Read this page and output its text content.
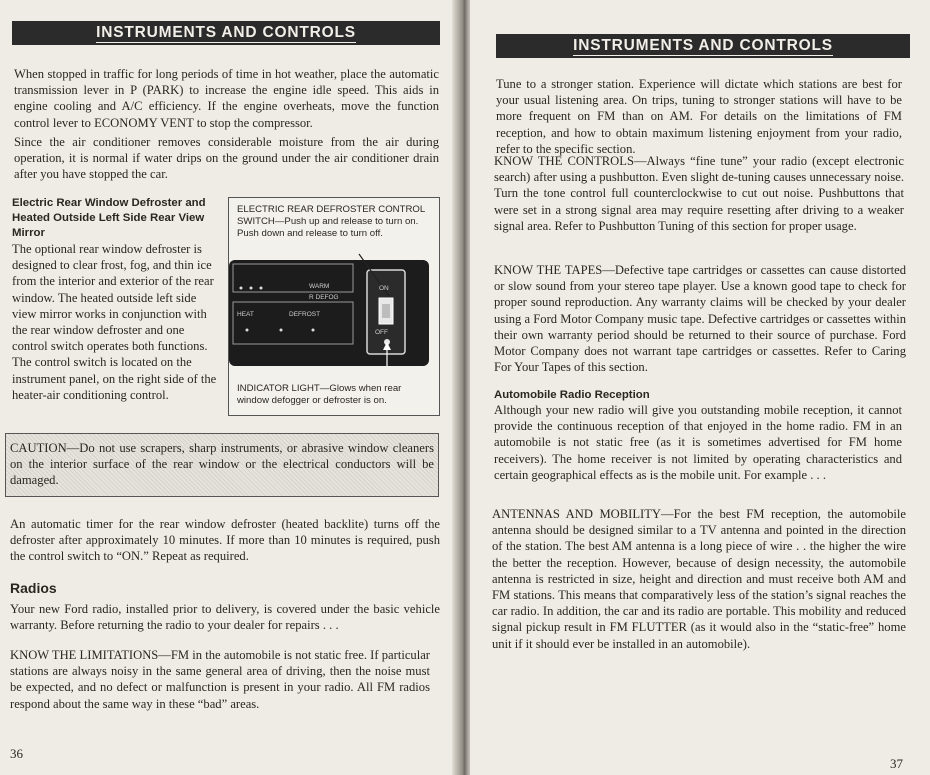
INSTRUMENTS AND CONTROLS

When stopped in traffic for long periods of time in hot weather, place the automatic transmission lever in P (PARK) to increase the engine idle speed. This aids in engine cooling and A/C efficiency. If the engine overheats, move the function control lever to ECONOMY VENT to stop the compressor.

Since the air conditioner removes considerable moisture from the air during operation, it is normal if water drips on the ground under the air conditioner drain after you have stopped the car.

Electric Rear Window Defroster and Heated Outside Left Side Rear View Mirror

The optional rear window defroster is designed to clear frost, fog, and thin ice from the interior and exterior of the rear window. The heated outside left side view mirror works in conjunction with the rear window defroster and one control switch operates both functions. The control switch is located on the instrument panel, on the right side of the heater-air conditioning control.

ELECTRIC REAR DEFROSTER CONTROL SWITCH—Push up and release to turn on. Push down and release to turn off.

WARM
R DEFOG
HEAT	DEFROST
ON
OFF

INDICATOR LIGHT—Glows when rear window defogger or defroster is on.

CAUTION—Do not use scrapers, sharp instruments, or abrasive window cleaners on the interior surface of the rear window or the electrical conductors will be damaged.

An automatic timer for the rear window defroster (heated backlite) turns off the defroster after approximately 10 minutes. If more than 10 minutes is required, push the control switch to “ON.” Repeat as required.

Radios

Your new Ford radio, installed prior to delivery, is covered under the basic vehicle warranty. Before returning the radio to your dealer for repairs . . .

KNOW THE LIMITATIONS—FM in the automobile is not static free. If particular stations are always noisy in the same general area of driving, then the noise must be expected, and no defect or malfunction is present in your radio. All FM radios respond about the same way in these “bad” areas.

36
INSTRUMENTS AND CONTROLS

Tune to a stronger station. Experience will dictate which stations are best for your usual listening area. On trips, tuning to stronger stations will have to be more frequent on FM than on AM. For details on the limitations of FM reception, and how to obtain maximum listening enjoyment from your radio, refer to the specific section.

KNOW THE CONTROLS—Always “fine tune” your radio (except electronic search) after using a pushbutton. Even slight de-tuning causes unnecessary noise. Turn the tone control full counterclockwise to cut out noise. Pushbuttons that were set in a strong signal area may require resetting after driving to a weaker signal area. Refer to Pushbutton Tuning of this section for proper usage.

KNOW THE TAPES—Defective tape cartridges or cassettes can cause distorted or slow sound from your stereo tape player. Use a known good tape to check for proper sound reproduction. Any warranty claims will be checked by your dealer using a Ford Motor Company music tape. Defective cartridges or cassettes within their own warranty period should be returned to their source of purchase. Ford Motor Company does not warrant tape cartridges or cassettes. Refer to Caring For Your Tapes of this section.

Automobile Radio Reception

Although your new radio will give you outstanding mobile reception, it cannot provide the continuous reception of that enjoyed in the home radio. FM in an automobile is not static free (as it is sometimes advertised for FM home receivers). The home receiver is not limited by operating characteristics and certain geographical effects as is the mobile unit. For example . . .

ANTENNAS AND MOBILITY—For the best FM reception, the automobile antenna should be designed similar to a TV antenna and pointed in the direction of the station. The best AM antenna is a long piece of wire . . the higher the wire the better the reception. However, because of design necessity, the automobile antenna is restricted in size, height and direction and must receive both AM and FM stations. This means that comparatively less of the station’s signal reaches the car radio. In addition, the car and its radio are portable. This mobility and reduced signal pickup result in FM FLUTTER (as it would also in the “static-free” home unit if it should ever be installed in an automobile).

37
